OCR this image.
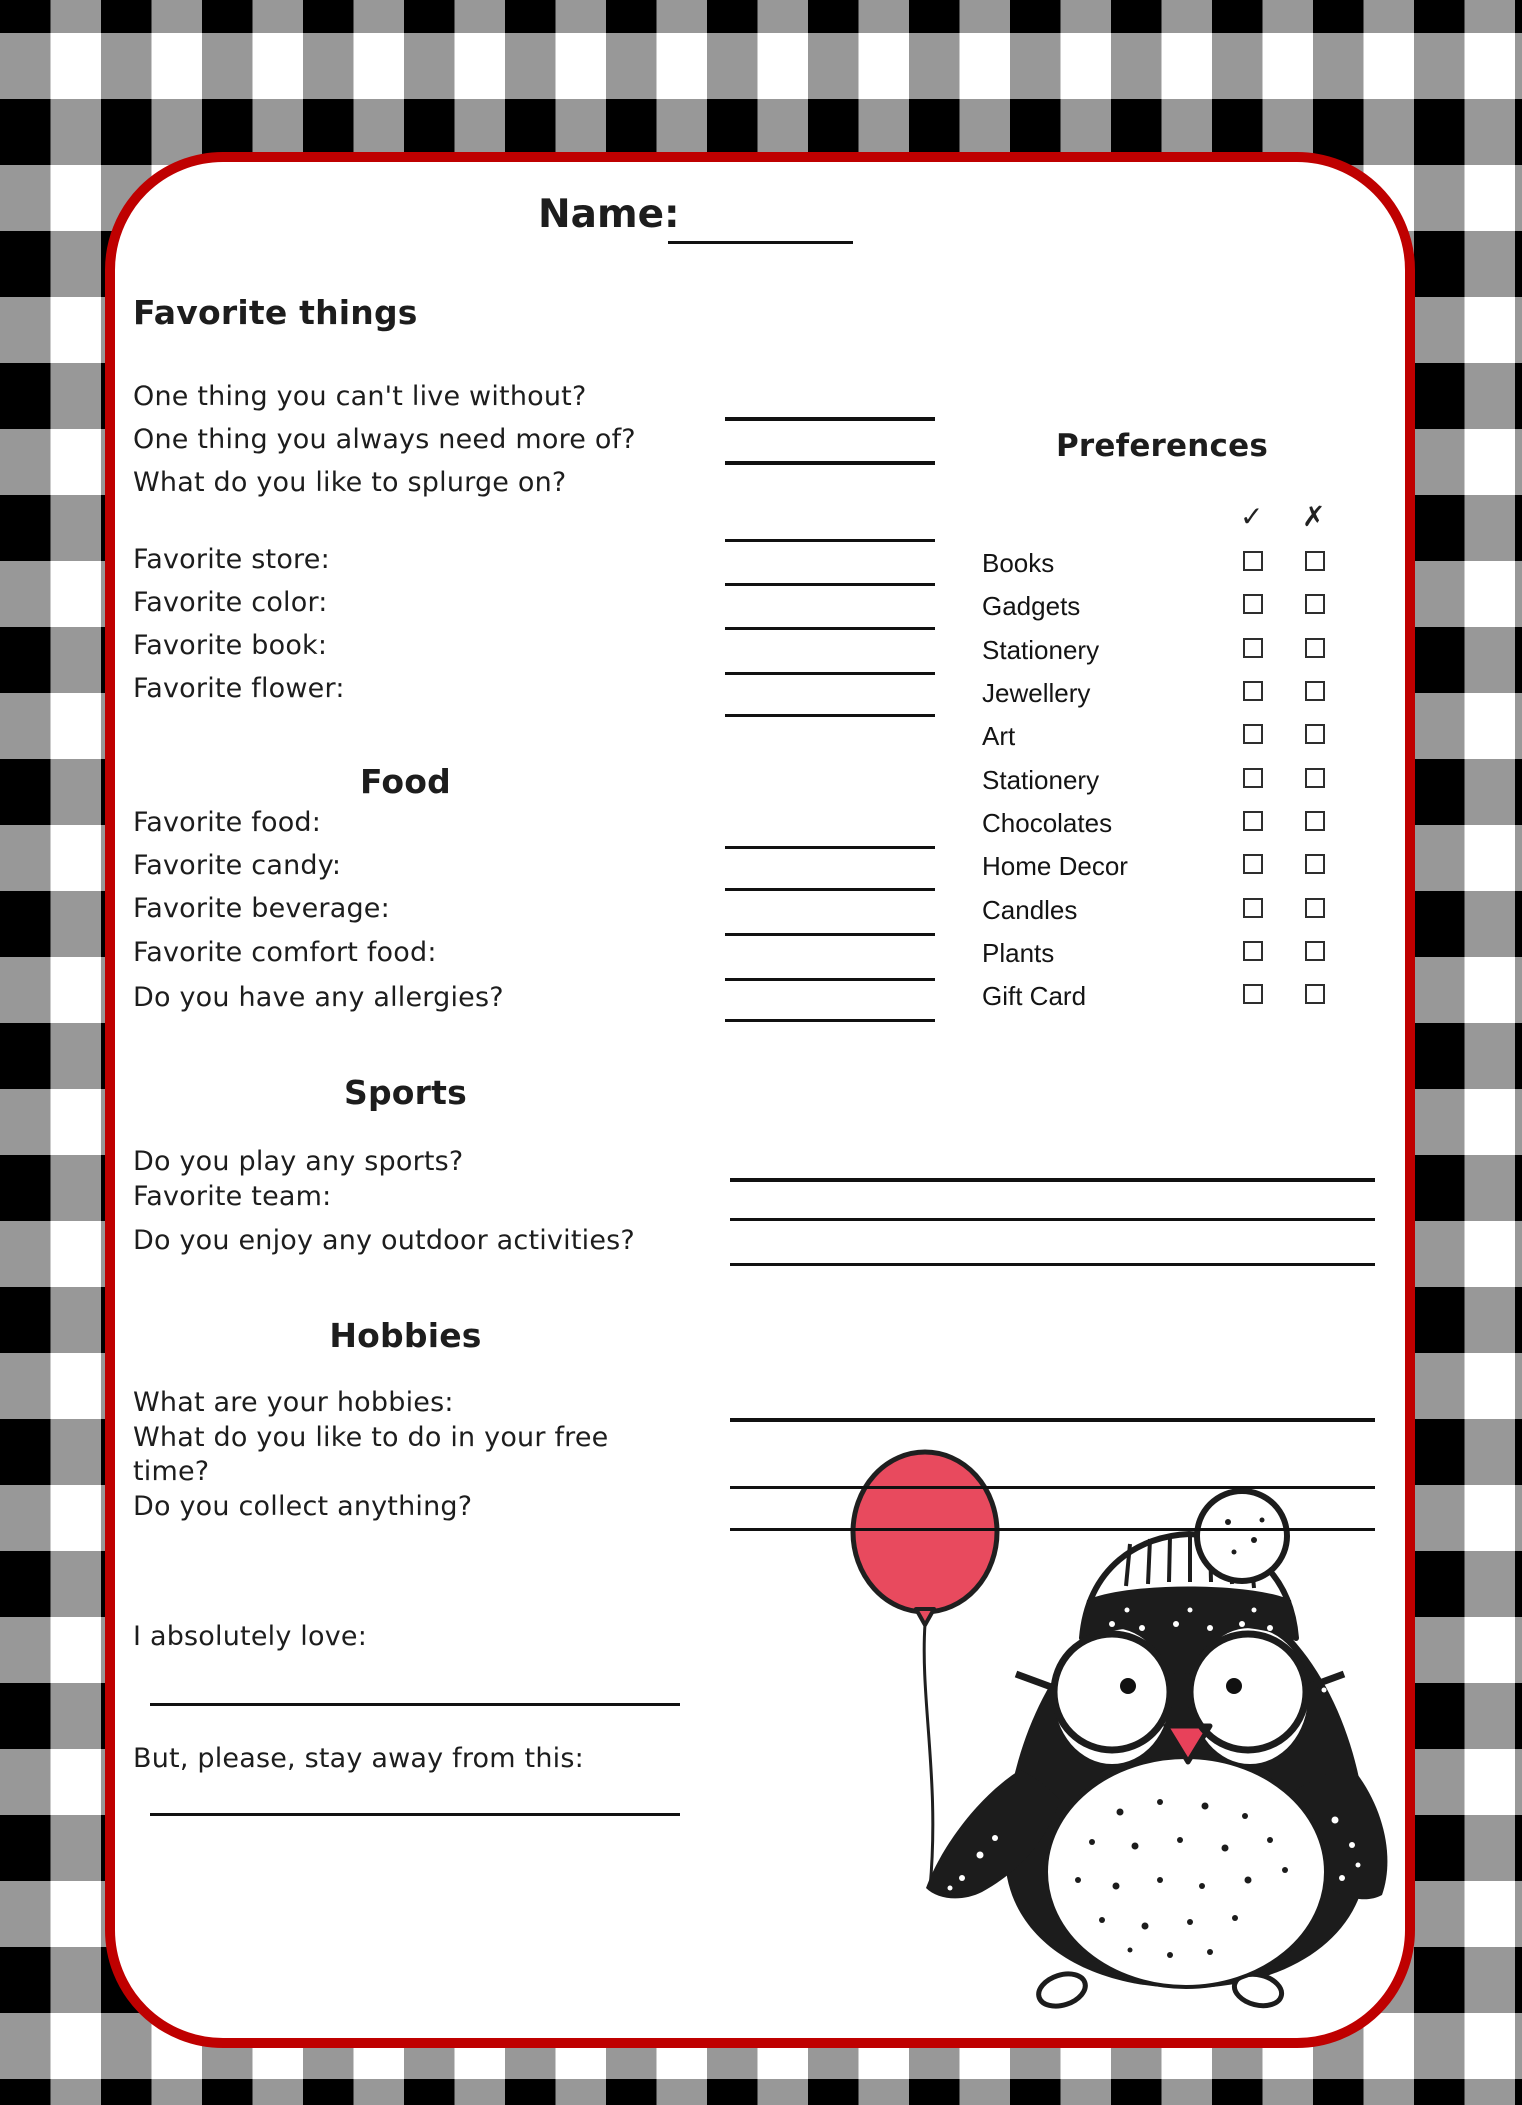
Name:
Favorite things
One thing you can't live without?
One thing you always need more of?
What do you like to splurge on?
Favorite store:
Favorite color:
Favorite book:
Favorite flower:
Food
Favorite food:
Favorite candy:
Favorite beverage:
Favorite comfort food:
Do you have any allergies?
Preferences
✓ ✗
Books
Gadgets
Stationery
Jewellery
Art
Stationery
Chocolates
Home Decor
Candles
Plants
Gift Card
Sports
Do you play any sports?
Favorite team:
Do you enjoy any outdoor activities?
Hobbies
What are your hobbies:
What do you like to do in your free time?
Do you collect anything?
I absolutely love:
But, please, stay away from this:
